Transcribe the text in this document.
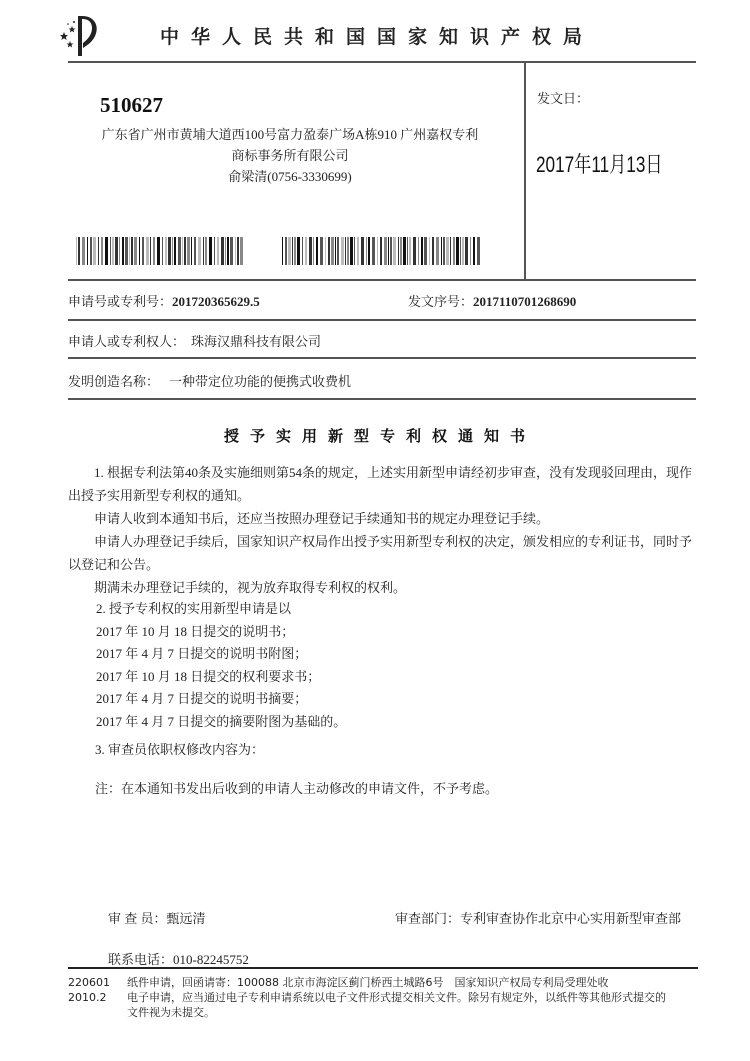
中华人民共和国国家知识产权局
510627
广东省广州市黄埔大道西100号富力盈泰广场A栋910 广州嘉权专利
商标事务所有限公司
俞梁清(0756-3330699)
发文日：
2017年11月13日
申请号或专利号：201720365629.5	发文序号：2017110701268690
申请人或专利权人： 珠海汉鼎科技有限公司
发明创造名称： 一种带定位功能的便携式收费机
授予实用新型专利权通知书

1. 根据专利法第40条及实施细则第54条的规定，上述实用新型申请经初步审查，没有发现驳回理由，现作出授予实用新型专利权的通知。

申请人收到本通知书后，还应当按照办理登记手续通知书的规定办理登记手续。

申请人办理登记手续后，国家知识产权局作出授予实用新型专利权的决定，颁发相应的专利证书，同时予以登记和公告。

期满未办理登记手续的，视为放弃取得专利权的权利。

2. 授予专利权的实用新型申请是以
2017 年 10 月 18 日提交的说明书；
2017 年 4 月 7 日提交的说明书附图；
2017 年 10 月 18 日提交的权利要求书；
2017 年 4 月 7 日提交的说明书摘要；
2017 年 4 月 7 日提交的摘要附图为基础的。
3. 审查员依职权修改内容为：
注：在本通知书发出后收到的申请人主动修改的申请文件，不予考虑。
审 查 员：甄远清	审查部门：专利审查协作北京中心实用新型审查部
联系电话：010-82245752
220601
2010.2
纸件申请，回函请寄：100088 北京市海淀区蓟门桥西土城路6号　国家知识产权局专利局受理处收
电子申请，应当通过电子专利申请系统以电子文件形式提交相关文件。除另有规定外，以纸件等其他形式提交的
文件视为未提交。
